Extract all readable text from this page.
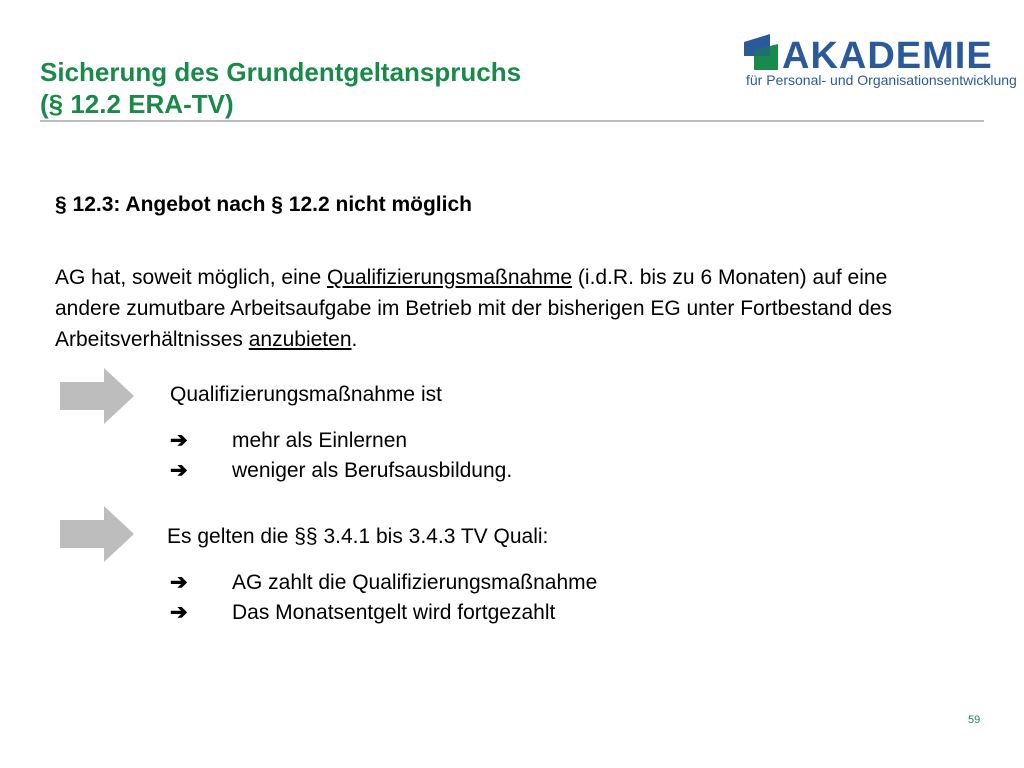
Sicherung des Grundentgeltanspruchs
(§ 12.2 ERA-TV)
AKADEMIE
für Personal- und Organisationsentwicklung

§ 12.3: Angebot nach § 12.2 nicht möglich

AG hat, soweit möglich, eine Qualifizierungsmaßnahme (i.d.R. bis zu 6 Monaten) auf eine andere zumutbare Arbeitsaufgabe im Betrieb mit der bisherigen EG unter Fortbestand des Arbeitsverhältnisses anzubieten.

Qualifizierungsmaßnahme ist
➔ mehr als Einlernen
➔ weniger als Berufsausbildung.
Es gelten die §§ 3.4.1 bis 3.4.3 TV Quali:
➔ AG zahlt die Qualifizierungsmaßnahme
➔ Das Monatsentgelt wird fortgezahlt
59
